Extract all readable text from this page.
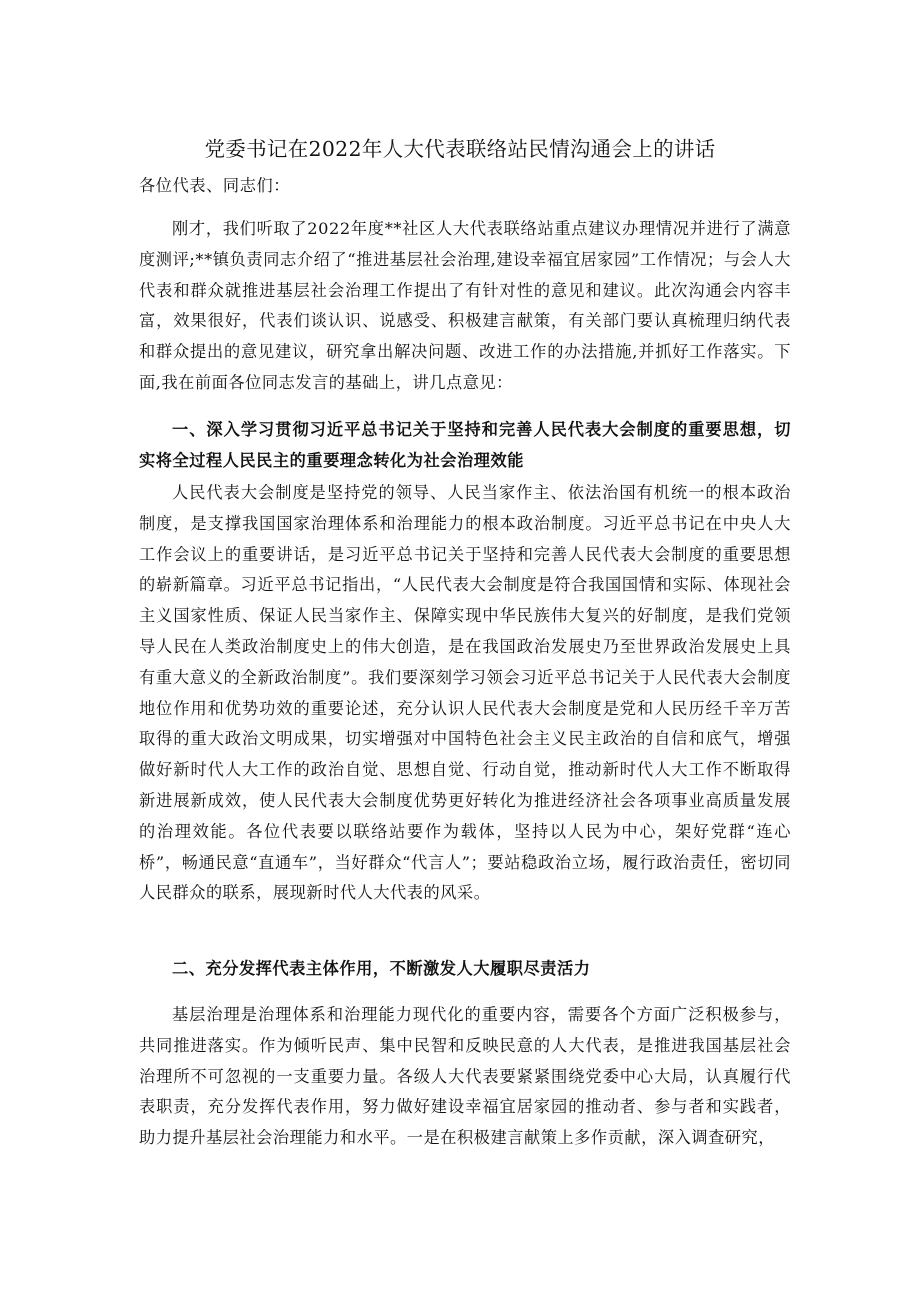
党委书记在2022年人大代表联络站民情沟通会上的讲话
各位代表、同志们：

刚才，我们听取了2022年度**社区人大代表联络站重点建议办理情况并进行了满意度测评;**镇负责同志介绍了“推进基层社会治理,建设幸福宜居家园”工作情况；与会人大代表和群众就推进基层社会治理工作提出了有针对性的意见和建议。此次沟通会内容丰富，效果很好，代表们谈认识、说感受、积极建言献策，有关部门要认真梳理归纳代表和群众提出的意见建议，研究拿出解决问题、改进工作的办法措施,并抓好工作落实。下面,我在前面各位同志发言的基础上，讲几点意见：

一、深入学习贯彻习近平总书记关于坚持和完善人民代表大会制度的重要思想，切实将全过程人民民主的重要理念转化为社会治理效能

人民代表大会制度是坚持党的领导、人民当家作主、依法治国有机统一的根本政治制度，是支撑我国国家治理体系和治理能力的根本政治制度。习近平总书记在中央人大工作会议上的重要讲话，是习近平总书记关于坚持和完善人民代表大会制度的重要思想的崭新篇章。习近平总书记指出，“人民代表大会制度是符合我国国情和实际、体现社会主义国家性质、保证人民当家作主、保障实现中华民族伟大复兴的好制度，是我们党领导人民在人类政治制度史上的伟大创造，是在我国政治发展史乃至世界政治发展史上具有重大意义的全新政治制度”。我们要深刻学习领会习近平总书记关于人民代表大会制度地位作用和优势功效的重要论述，充分认识人民代表大会制度是党和人民历经千辛万苦取得的重大政治文明成果，切实增强对中国特色社会主义民主政治的自信和底气，增强做好新时代人大工作的政治自觉、思想自觉、行动自觉，推动新时代人大工作不断取得新进展新成效，使人民代表大会制度优势更好转化为推进经济社会各项事业高质量发展的治理效能。各位代表要以联络站要作为载体，坚持以人民为中心，架好党群“连心桥”，畅通民意“直通车”，当好群众“代言人”；要站稳政治立场，履行政治责任，密切同人民群众的联系，展现新时代人大代表的风采。

二、充分发挥代表主体作用，不断激发人大履职尽责活力

基层治理是治理体系和治理能力现代化的重要内容，需要各个方面广泛积极参与，共同推进落实。作为倾听民声、集中民智和反映民意的人大代表，是推进我国基层社会治理所不可忽视的一支重要力量。各级人大代表要紧紧围绕党委中心大局，认真履行代表职责，充分发挥代表作用，努力做好建设幸福宜居家园的推动者、参与者和实践者，助力提升基层社会治理能力和水平。一是在积极建言献策上多作贡献，深入调查研究，
